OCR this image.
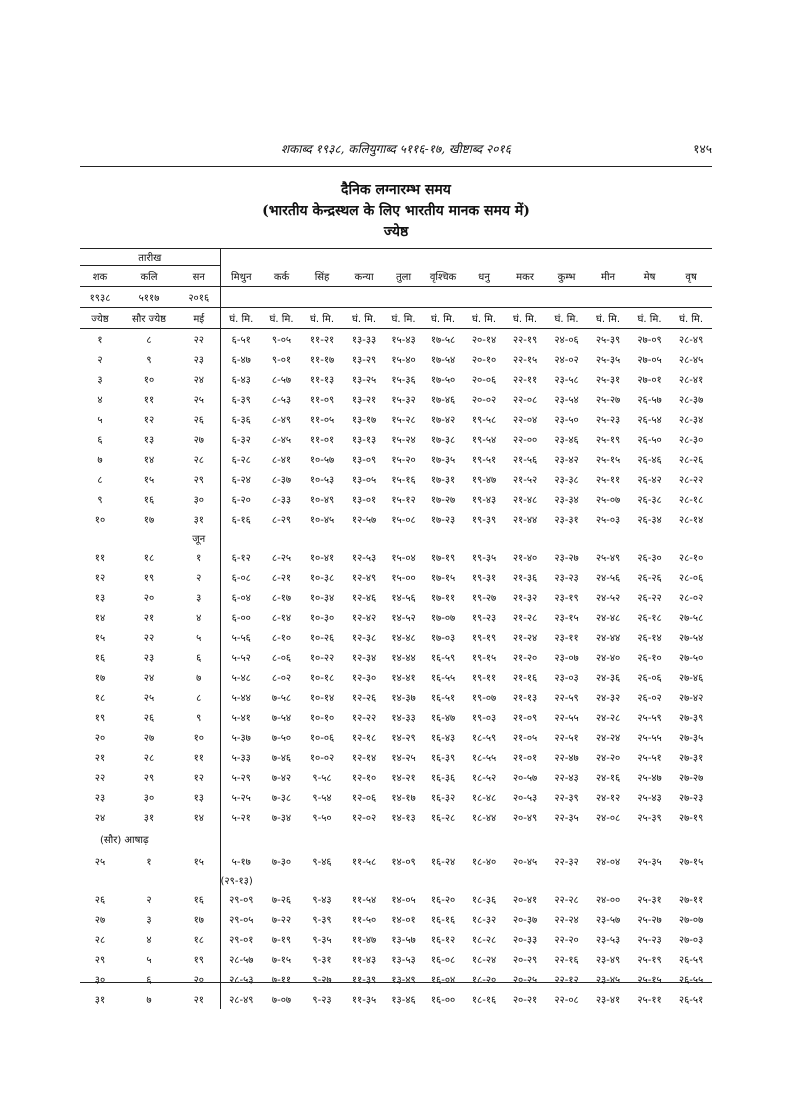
शकाब्द १९३८, कलियुगाब्द ५११६-१७, खीष्टाब्द २०१६	१४५
दैनिक लग्नारम्भ समय
(भारतीय केन्द्रस्थल के लिए भारतीय मानक समय में)
ज्येष्ठ
तारीख														
शक	कलि	सन	मिथुन	कर्क	सिंह	कन्या	तुला	वृश्चिक	धनु	मकर	कुम्भ	मीन	मेष	वृष
१९३८	५११७	२०१६												
ज्येष्ठ	सौर ज्येष्ठ	मई	घं. मि.	घं. मि.	घं. मि.	घं. मि.	घं. मि.	घं. मि.	घं. मि.	घं. मि.	घं. मि.	घं. मि.	घं. मि.	घं. मि.
१	८	२२	६-५१	९-०५	११-२१	१३-३३	१५-४३	१७-५८	२०-१४	२२-१९	२४-०६	२५-३९	२७-०९	२८-४९
२	९	२३	६-४७	९-०१	११-१७	१३-२९	१५-४०	१७-५४	२०-१०	२२-१५	२४-०२	२५-३५	२७-०५	२८-४५
३	१०	२४	६-४३	८-५७	११-१३	१३-२५	१५-३६	१७-५०	२०-०६	२२-११	२३-५८	२५-३१	२७-०१	२८-४१
४	११	२५	६-३९	८-५३	११-०९	१३-२१	१५-३२	१७-४६	२०-०२	२२-०८	२३-५४	२५-२७	२६-५७	२८-३७
५	१२	२६	६-३६	८-४९	११-०५	१३-१७	१५-२८	१७-४२	१९-५८	२२-०४	२३-५०	२५-२३	२६-५४	२८-३४
६	१३	२७	६-३२	८-४५	११-०१	१३-१३	१५-२४	१७-३८	१९-५४	२२-००	२३-४६	२५-१९	२६-५०	२८-३०
७	१४	२८	६-२८	८-४१	१०-५७	१३-०९	१५-२०	१७-३५	१९-५१	२१-५६	२३-४२	२५-१५	२६-४६	२८-२६
८	१५	२९	६-२४	८-३७	१०-५३	१३-०५	१५-१६	१७-३१	१९-४७	२१-५२	२३-३८	२५-११	२६-४२	२८-२२
९	१६	३०	६-२०	८-३३	१०-४९	१३-०१	१५-१२	१७-२७	१९-४३	२१-४८	२३-३४	२५-०७	२६-३८	२८-१८
१०	१७	३१	६-१६	८-२९	१०-४५	१२-५७	१५-०८	१७-२३	१९-३९	२१-४४	२३-३१	२५-०३	२६-३४	२८-१४
		जून												
११	१८	१	६-१२	८-२५	१०-४१	१२-५३	१५-०४	१७-१९	१९-३५	२१-४०	२३-२७	२५-४९	२६-३०	२८-१०
१२	१९	२	६-०८	८-२१	१०-३८	१२-४९	१५-००	१७-१५	१९-३१	२१-३६	२३-२३	२४-५६	२६-२६	२८-०६
१३	२०	३	६-०४	८-१७	१०-३४	१२-४६	१४-५६	१७-११	१९-२७	२१-३२	२३-१९	२४-५२	२६-२२	२८-०२
१४	२१	४	६-००	८-१४	१०-३०	१२-४२	१४-५२	१७-०७	१९-२३	२१-२८	२३-१५	२४-४८	२६-१८	२७-५८
१५	२२	५	५-५६	८-१०	१०-२६	१२-३८	१४-४८	१७-०३	१९-१९	२१-२४	२३-११	२४-४४	२६-१४	२७-५४
१६	२३	६	५-५२	८-०६	१०-२२	१२-३४	१४-४४	१६-५९	१९-१५	२१-२०	२३-०७	२४-४०	२६-१०	२७-५०
१७	२४	७	५-४८	८-०२	१०-१८	१२-३०	१४-४१	१६-५५	१९-११	२१-१६	२३-०३	२४-३६	२६-०६	२७-४६
१८	२५	८	५-४४	७-५८	१०-१४	१२-२६	१४-३७	१६-५१	१९-०७	२१-१३	२२-५९	२४-३२	२६-०२	२७-४२
१९	२६	९	५-४१	७-५४	१०-१०	१२-२२	१४-३३	१६-४७	१९-०३	२१-०९	२२-५५	२४-२८	२५-५९	२७-३९
२०	२७	१०	५-३७	७-५०	१०-०६	१२-१८	१४-२९	१६-४३	१८-५९	२१-०५	२२-५१	२४-२४	२५-५५	२७-३५
२१	२८	११	५-३३	७-४६	१०-०२	१२-१४	१४-२५	१६-३९	१८-५५	२१-०१	२२-४७	२४-२०	२५-५१	२७-३१
२२	२९	१२	५-२९	७-४२	९-५८	१२-१०	१४-२१	१६-३६	१८-५२	२०-५७	२२-४३	२४-१६	२५-४७	२७-२७
२३	३०	१३	५-२५	७-३८	९-५४	१२-०६	१४-१७	१६-३२	१८-४८	२०-५३	२२-३९	२४-१२	२५-४३	२७-२३
२४	३१	१४	५-२१	७-३४	९-५०	१२-०२	१४-१३	१६-२८	१८-४४	२०-४९	२२-३५	२४-०८	२५-३९	२७-१९
(सौर) आषाढ़														
२५	१	१५	५-१७	७-३०	९-४६	११-५८	१४-०९	१६-२४	१८-४०	२०-४५	२२-३२	२४-०४	२५-३५	२७-१५
			(२९-१३)											
२६	२	१६	२९-०९	७-२६	९-४३	११-५४	१४-०५	१६-२०	१८-३६	२०-४१	२२-२८	२४-००	२५-३१	२७-११
२७	३	१७	२९-०५	७-२२	९-३९	११-५०	१४-०१	१६-१६	१८-३२	२०-३७	२२-२४	२३-५७	२५-२७	२७-०७
२८	४	१८	२९-०१	७-१९	९-३५	११-४७	१३-५७	१६-१२	१८-२८	२०-३३	२२-२०	२३-५३	२५-२३	२७-०३
२९	५	१९	२८-५७	७-१५	९-३१	११-४३	१३-५३	१६-०८	१८-२४	२०-२९	२२-१६	२३-४९	२५-१९	२६-५९
३०	६	२०	२८-५३	७-११	९-२७	११-३९	१३-४९	१६-०४	१८-२०	२०-२५	२२-१२	२३-४५	२५-१५	२६-५५
३१	७	२१	२८-४९	७-०७	९-२३	११-३५	१३-४६	१६-००	१८-१६	२०-२१	२२-०८	२३-४१	२५-११	२६-५१
